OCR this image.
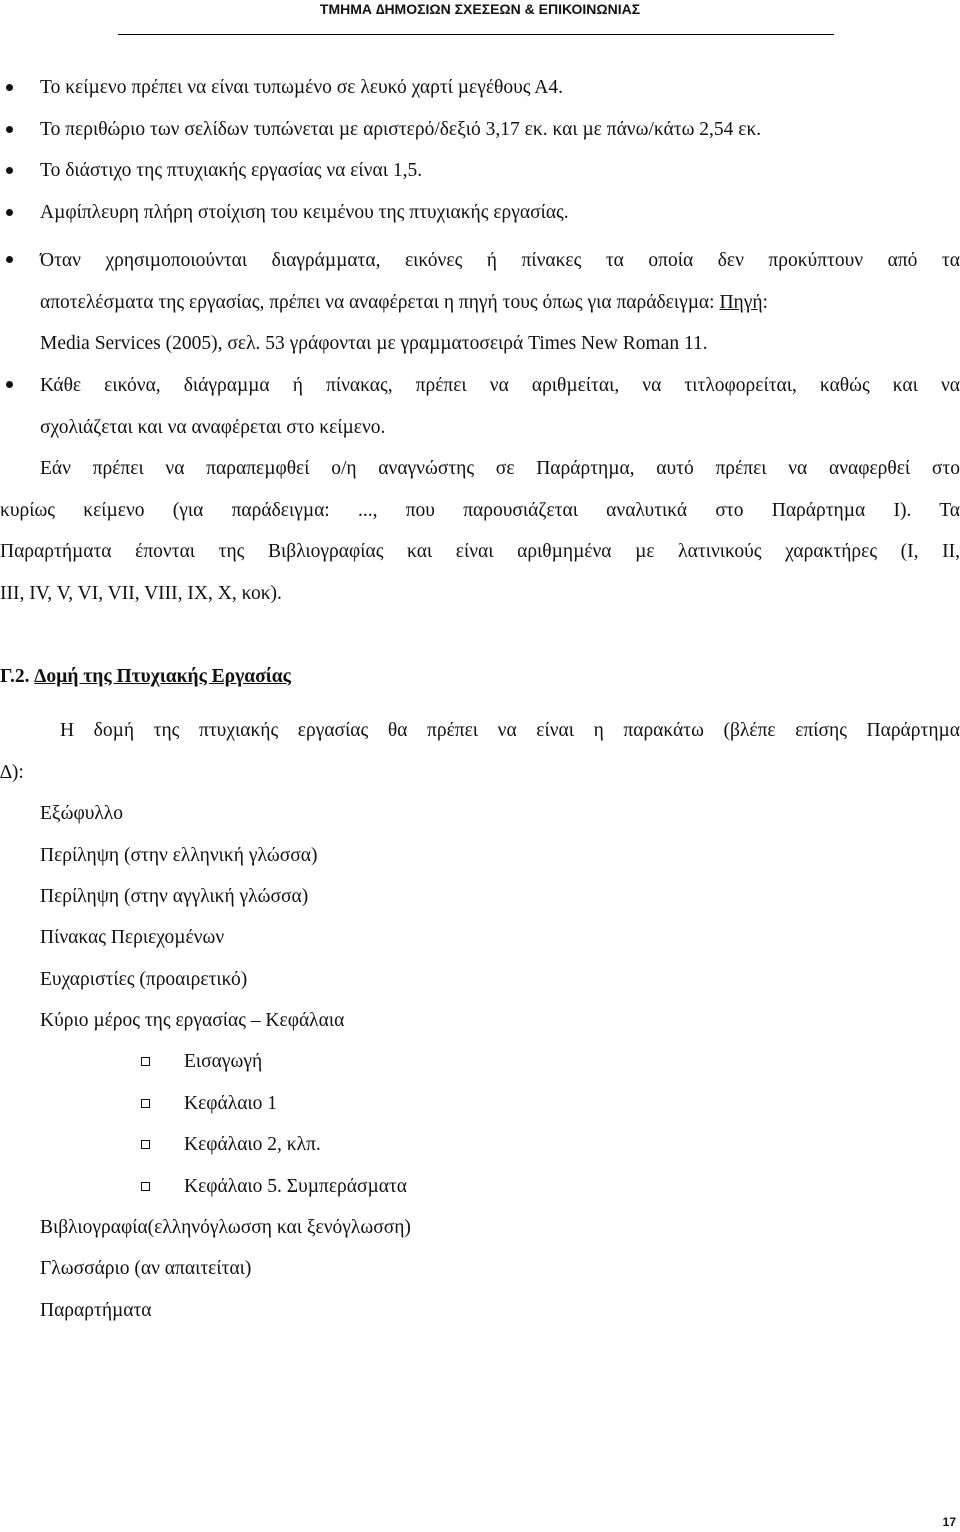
ΤΜΗΜΑ ∆ΗΜΟΣΙΩΝ ΣΧΕΣΕΩΝ & ΕΠΙΚΟΙΝΩΝΙΑΣ
Το κείµενο πρέπει να είναι τυπωµένο σε λευκό χαρτί µεγέθους Α4.
Το περιθώριο των σελίδων τυπώνεται µε αριστερό/δεξιό 3,17 εκ. και µε πάνω/κάτω 2,54 εκ.
Το διάστιχο της πτυχιακής εργασίας να είναι 1,5.
Αµφίπλευρη πλήρη στοίχιση του κειµένου της πτυχιακής εργασίας.
Όταν χρησιµοποιούνται διαγράµµατα, εικόνες ή πίνακες τα οποία δεν προκύπτουν από τα
αποτελέσµατα της εργασίας, πρέπει να αναφέρεται η πηγή τους όπως για παράδειγµα: Πηγή:
Media Services (2005), σελ. 53 γράφονται µε γραµµατοσειρά Times New Roman 11.
Κάθε εικόνα, διάγραµµα ή πίνακας, πρέπει να αριθµείται, να τιτλοφορείται, καθώς και να
σχολιάζεται και να αναφέρεται στο κείµενο.
Εάν πρέπει να παραπεµφθεί ο/η αναγνώστης σε Παράρτηµα, αυτό πρέπει να αναφερθεί στο
κυρίως κείµενο (για παράδειγµα: ..., που παρουσιάζεται αναλυτικά στο Παράρτηµα Ι). Τα
Παραρτήµατα έπονται της Βιβλιογραφίας και είναι αριθµηµένα µε λατινικούς χαρακτήρες (Ι, ΙΙ,
ΙΙΙ, ΙV, V, VI, VII, VIII, IX, X, κοκ).
Γ.2. ∆οµή της Πτυχιακής Εργασίας
Η δοµή της πτυχιακής εργασίας θα πρέπει να είναι η παρακάτω (βλέπε επίσης Παράρτηµα
∆):
Εξώφυλλο
Περίληψη (στην ελληνική γλώσσα)
Περίληψη (στην αγγλική γλώσσα)
Πίνακας Περιεχοµένων
Ευχαριστίες (προαιρετικό)
Κύριο µέρος της εργασίας – Κεφάλαια
Εισαγωγή
Κεφάλαιο 1
Κεφάλαιο 2, κλπ.
Κεφάλαιο 5. Συµπεράσµατα
Βιβλιογραφία(ελληνόγλωσση και ξενόγλωσση)
Γλωσσάριο (αν απαιτείται)
Παραρτήµατα
17
